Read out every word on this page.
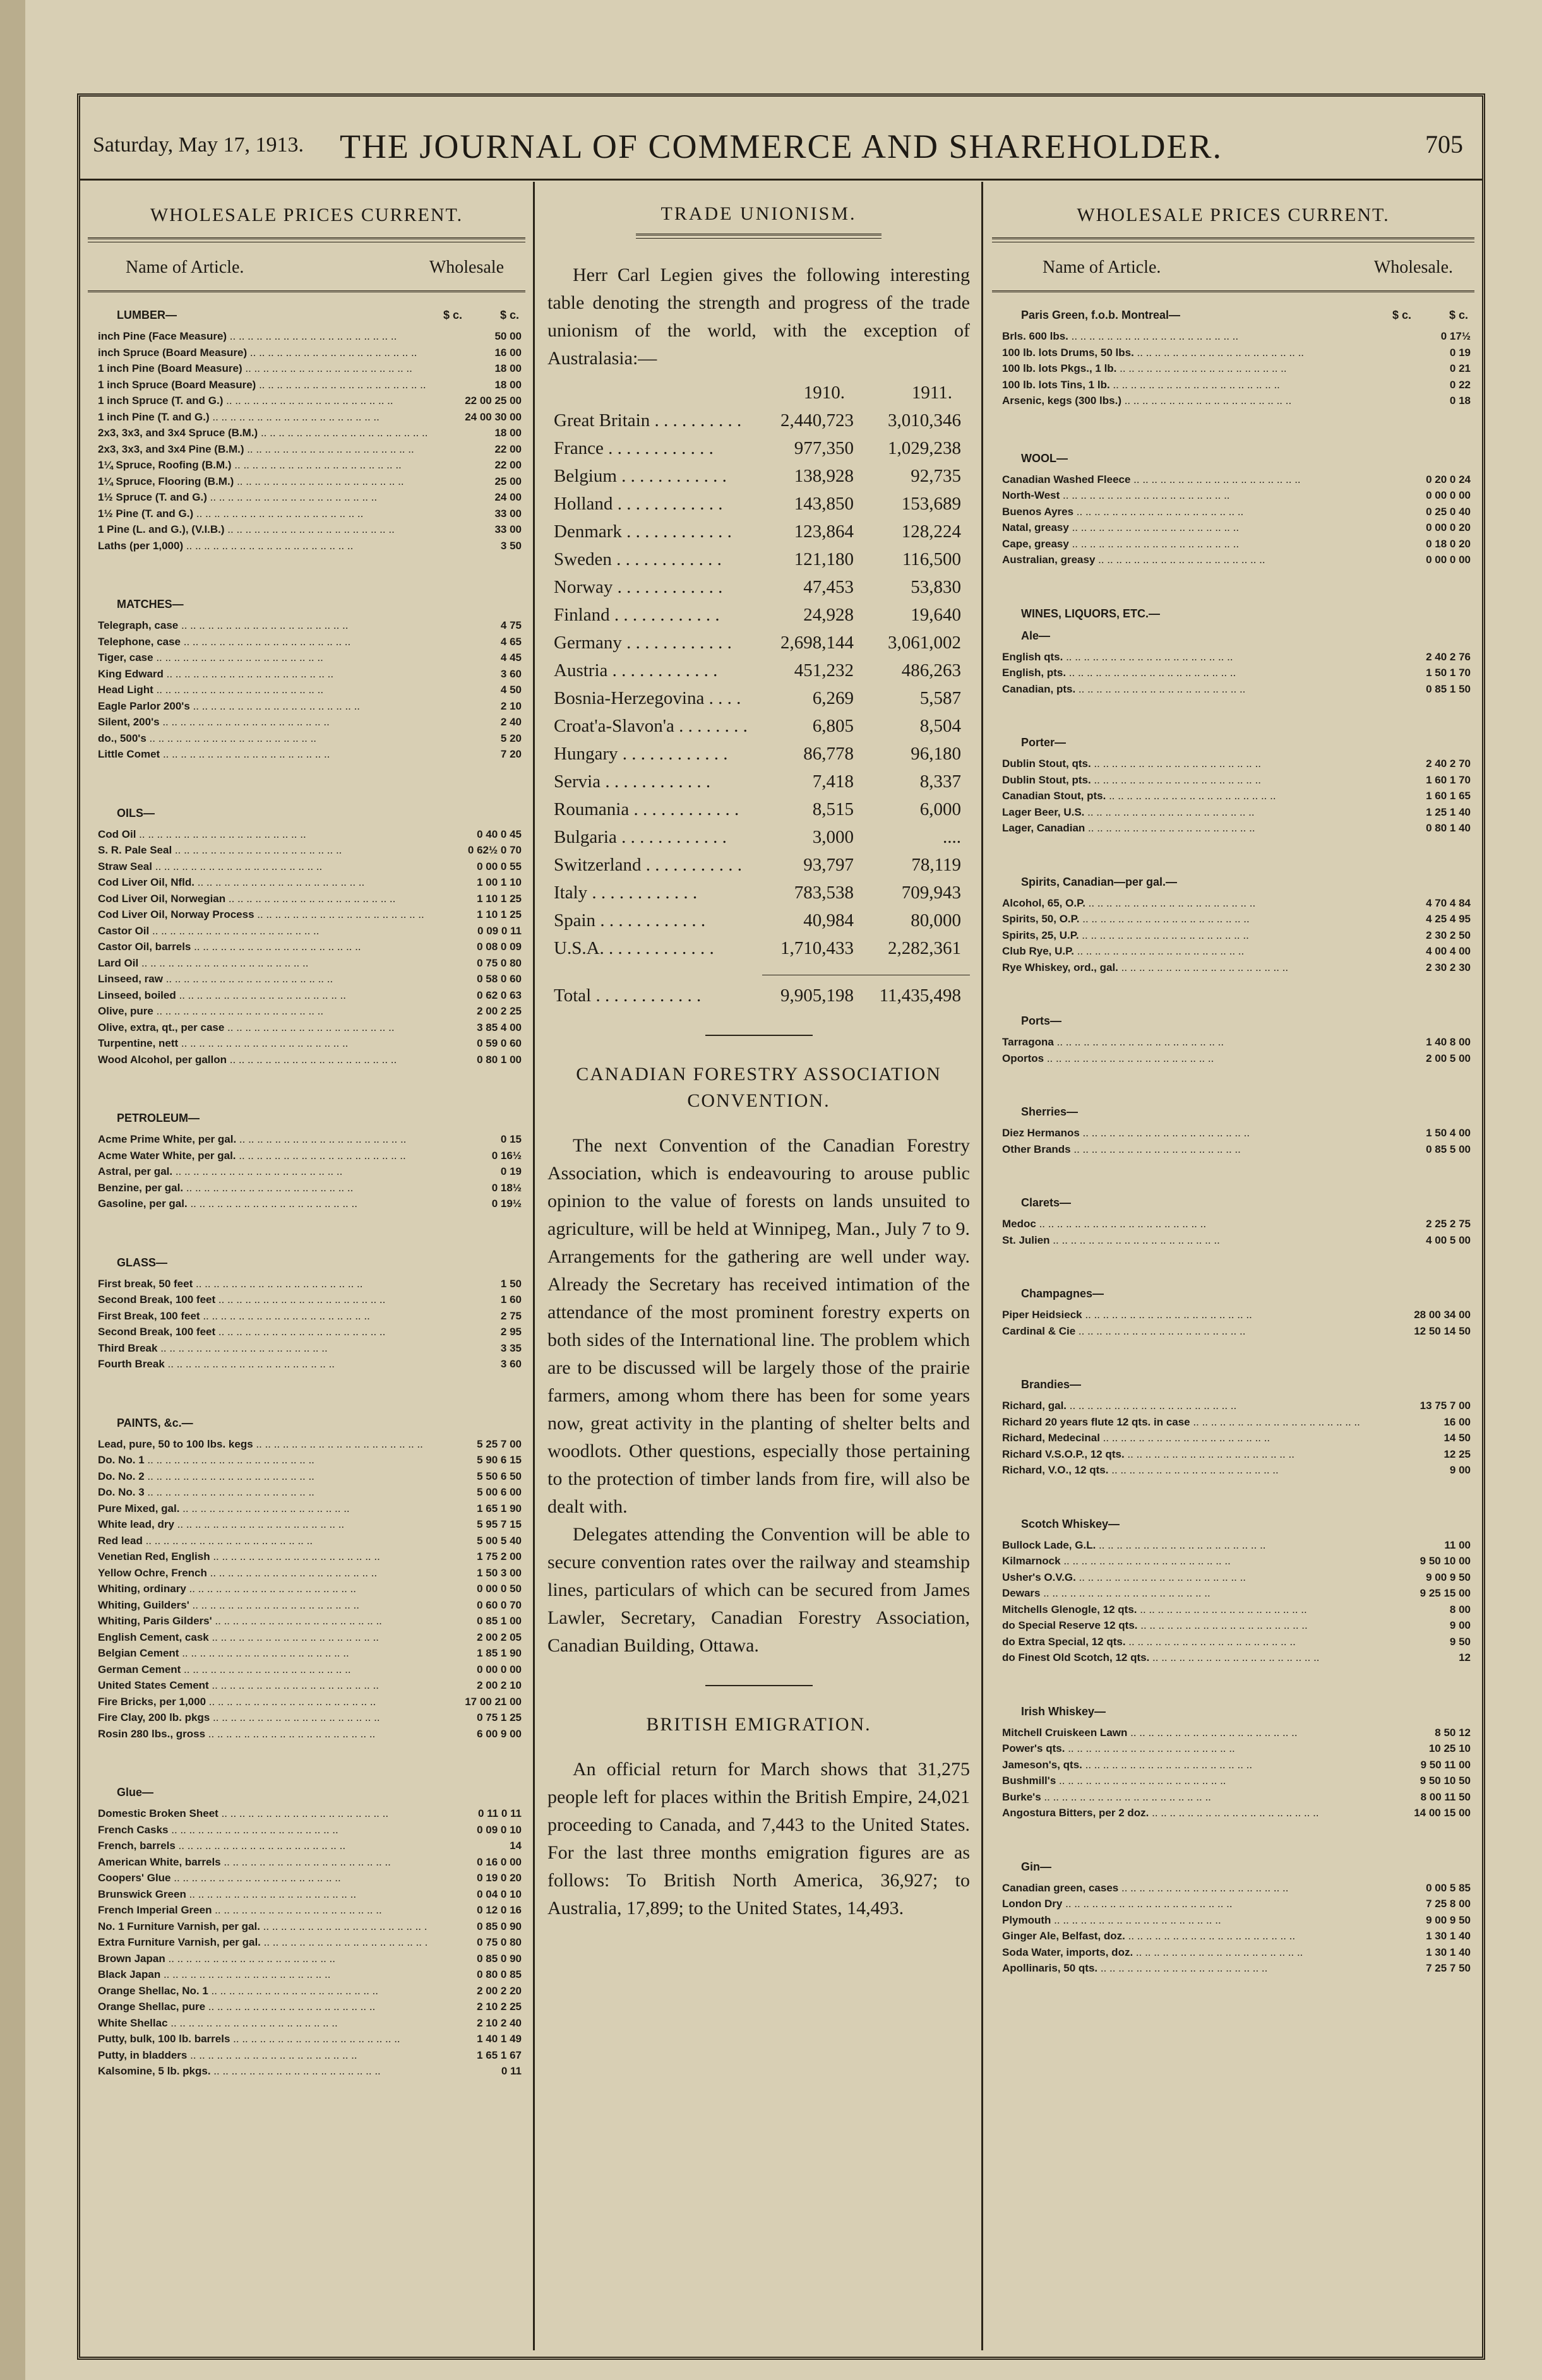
Saturday, May 17, 1913.	THE JOURNAL OF COMMERCE AND SHAREHOLDER.	705
WHOLESALE PRICES CURRENT.
Name of Article.	Wholesale
LUMBER—	$ c.	$ c.
inch Pine (Face Measure) .. ..	50 00
inch Spruce (Board Measure) .. ..	16 00
1 inch Pine (Board Measure) .. ..	18 00
1 inch Spruce (Board Measure) .. ..	18 00
1 inch Spruce (T. and G.) .. ..	22 00 25 00
1 inch Pine (T. and G.) .. ..	24 00 30 00
2x3, 3x3, and 3x4 Spruce (B.M.) .. ..	18 00
2x3, 3x3, and 3x4 Pine (B.M.) .. ..	22 00
1¼ Spruce, Roofing (B.M.) .. ..	22 00
1¼ Spruce, Flooring (B.M.) .. ..	25 00
1½ Spruce (T. and G.) .. ..	24 00
1½ Pine (T. and G.) .. ..	33 00
1 Pine (L. and G.), (V.I.B.) .. ..	33 00
Laths (per 1,000) .. ..	3 50
MATCHES—
Telegraph, case .. ..	4 75
Telephone, case .. ..	4 65
Tiger, case .. ..	4 45
King Edward .. ..	3 60
Head Light .. ..	4 50
Eagle Parlor 200's .. ..	2 10
Silent, 200's .. ..	2 40
do., 500's .. ..	5 20
Little Comet .. ..	7 20
OILS—
Cod Oil .. ..	0 40 0 45
S. R. Pale Seal .. ..	0 62½ 0 70
Straw Seal .. ..	0 00 0 55
Cod Liver Oil, Nfld. .. ..	1 00 1 10
Cod Liver Oil, Norwegian .. ..	1 10 1 25
Cod Liver Oil, Norway Process .. ..	1 10 1 25
Castor Oil .. ..	0 09 0 11
Castor Oil, barrels .. ..	0 08 0 09
Lard Oil .. ..	0 75 0 80
Linseed, raw .. ..	0 58 0 60
Linseed, boiled .. ..	0 62 0 63
Olive, pure .. ..	2 00 2 25
Olive, extra, qt., per case .. ..	3 85 4 00
Turpentine, nett .. ..	0 59 0 60
Wood Alcohol, per gallon .. ..	0 80 1 00
PETROLEUM—
Acme Prime White, per gal. .. ..	0 15
Acme Water White, per gal. .. ..	0 16½
Astral, per gal. .. ..	0 19
Benzine, per gal. .. ..	0 18½
Gasoline, per gal. .. ..	0 19½
GLASS—
First break, 50 feet .. ..	1 50
Second Break, 100 feet .. ..	1 60
First Break, 100 feet .. ..	2 75
Second Break, 100 feet .. ..	2 95
Third Break .. ..	3 35
Fourth Break .. ..	3 60
PAINTS, &c.—
Lead, pure, 50 to 100 lbs. kegs .. ..	5 25 7 00
Do. No. 1 .. ..	5 90 6 15
Do. No. 2 .. ..	5 50 6 50
Do. No. 3 .. ..	5 00 6 00
Pure Mixed, gal. .. ..	1 65 1 90
White lead, dry .. ..	5 95 7 15
Red lead .. ..	5 00 5 40
Venetian Red, English .. ..	1 75 2 00
Yellow Ochre, French .. ..	1 50 3 00
Whiting, ordinary .. ..	0 00 0 50
Whiting, Guilders' .. ..	0 60 0 70
Whiting, Paris Gilders' .. ..	0 85 1 00
English Cement, cask .. ..	2 00 2 05
Belgian Cement .. ..	1 85 1 90
German Cement .. ..	0 00 0 00
United States Cement .. ..	2 00 2 10
Fire Bricks, per 1,000 .. ..	17 00 21 00
Fire Clay, 200 lb. pkgs .. ..	0 75 1 25
Rosin 280 lbs., gross .. ..	6 00 9 00
Glue—
Domestic Broken Sheet .. ..	0 11 0 11
French Casks .. ..	0 09 0 10
French, barrels .. ..	14
American White, barrels .. ..	0 16 0 00
Coopers' Glue .. ..	0 19 0 20
Brunswick Green .. ..	0 04 0 10
French Imperial Green .. ..	0 12 0 16
No. 1 Furniture Varnish, per gal. .. ..	0 85 0 90
Extra Furniture Varnish, per gal. .. ..	0 75 0 80
Brown Japan .. ..	0 85 0 90
Black Japan .. ..	0 80 0 85
Orange Shellac, No. 1 .. ..	2 00 2 20
Orange Shellac, pure .. ..	2 10 2 25
White Shellac .. ..	2 10 2 40
Putty, bulk, 100 lb. barrels .. ..	1 40 1 49
Putty, in bladders .. ..	1 65 1 67
Kalsomine, 5 lb. pkgs. .. ..	0 11
TRADE UNIONISM.

Herr Carl Legien gives the following interesting table denoting the strength and progress of the trade unionism of the world, with the exception of Australasia:—

1910.	1911.
Great Britain . . .	2,440,723	3,010,346
France . . .	977,350	1,029,238
Belgium . . .	138,928	92,735
Holland . . .	143,850	153,689
Denmark . . .	123,864	128,224
Sweden . . .	121,180	116,500
Norway . . .	47,453	53,830
Finland . . .	24,928	19,640
Germany . . .	2,698,144	3,061,002
Austria . . .	451,232	486,263
Bosnia-Herzegovina . . .	6,269	5,587
Croat'a-Slavon'a . . .	6,805	8,504
Hungary . . .	86,778	96,180
Servia . . .	7,418	8,337
Roumania . . .	8,515	6,000
Bulgaria . . .	3,000	....
Switzerland . . .	93,797	78,119
Italy . . .	783,538	709,943
Spain . . .	40,984	80,000
U.S.A. . . .	1,710,433	2,282,361
Total . . .	9,905,198	11,435,498
CANADIAN FORESTRY ASSOCIATION CONVENTION.

The next Convention of the Canadian Forestry Association, which is endeavouring to arouse public opinion to the value of forests on lands unsuited to agriculture, will be held at Winnipeg, Man., July 7 to 9. Arrangements for the gathering are well under way. Already the Secretary has received intimation of the attendance of the most prominent forestry experts on both sides of the International line. The problem which are to be discussed will be largely those of the prairie farmers, among whom there has been for some years now, great activity in the planting of shelter belts and woodlots. Other questions, especially those pertaining to the protection of timber lands from fire, will also be dealt with.

Delegates attending the Convention will be able to secure convention rates over the railway and steamship lines, particulars of which can be secured from James Lawler, Secretary, Canadian Forestry Association, Canadian Building, Ottawa.

BRITISH EMIGRATION.

An official return for March shows that 31,275 people left for places within the British Empire, 24,021 proceeding to Canada, and 7,443 to the United States. For the last three months emigration figures are as follows: To British North America, 36,927; to Australia, 17,899; to the United States, 14,493.

WHOLESALE PRICES CURRENT.
Name of Article.	Wholesale.
Paris Green, f.o.b. Montreal—	$ c.	$ c.
Brls. 600 lbs. .. ..	0 17½
100 lb. lots Drums, 50 lbs. .. ..	0 19
100 lb. lots Pkgs., 1 lb. .. ..	0 21
100 lb. lots Tins, 1 lb. .. ..	0 22
Arsenic, kegs (300 lbs.) .. ..	0 18
WOOL—
Canadian Washed Fleece .. ..	0 20 0 24
North-West .. ..	0 00 0 00
Buenos Ayres .. ..	0 25 0 40
Natal, greasy .. ..	0 00 0 20
Cape, greasy .. ..	0 18 0 20
Australian, greasy .. ..	0 00 0 00
WINES, LIQUORS, ETC.—
Ale—
English qts. .. ..	2 40 2 76
English, pts. .. ..	1 50 1 70
Canadian, pts. .. ..	0 85 1 50
Porter—
Dublin Stout, qts. .. ..	2 40 2 70
Dublin Stout, pts. .. ..	1 60 1 70
Canadian Stout, pts. .. ..	1 60 1 65
Lager Beer, U.S. .. ..	1 25 1 40
Lager, Canadian .. ..	0 80 1 40
Spirits, Canadian—per gal.—
Alcohol, 65, O.P. .. ..	4 70 4 84
Spirits, 50, O.P. .. ..	4 25 4 95
Spirits, 25, U.P. .. ..	2 30 2 50
Club Rye, U.P. .. ..	4 00 4 00
Rye Whiskey, ord., gal. .. ..	2 30 2 30
Ports—
Tarragona .. ..	1 40 8 00
Oportos .. ..	2 00 5 00
Sherries—
Diez Hermanos .. ..	1 50 4 00
Other Brands .. ..	0 85 5 00
Clarets—
Medoc .. ..	2 25 2 75
St. Julien .. ..	4 00 5 00
Champagnes—
Piper Heidsieck .. ..	28 00 34 00
Cardinal & Cie .. ..	12 50 14 50
Brandies—
Richard, gal. .. ..	13 75 7 00
Richard 20 years flute 12 qts. in case .. ..	16 00
Richard, Medecinal .. ..	14 50
Richard V.S.O.P., 12 qts. .. ..	12 25
Richard, V.O., 12 qts. .. ..	9 00
Scotch Whiskey—
Bullock Lade, G.L. .. ..	11 00
Kilmarnock .. ..	9 50 10 00
Usher's O.V.G. .. ..	9 00 9 50
Dewars .. ..	9 25 15 00
Mitchells Glenogle, 12 qts. .. ..	8 00
do Special Reserve 12 qts. .. ..	9 00
do Extra Special, 12 qts. .. ..	9 50
do Finest Old Scotch, 12 qts. .. ..	12
Irish Whiskey—
Mitchell Cruiskeen Lawn .. ..	8 50 12
Power's qts. .. ..	10 25 10
Jameson's, qts. .. ..	9 50 11 00
Bushmill's .. ..	9 50 10 50
Burke's .. ..	8 00 11 50
Angostura Bitters, per 2 doz. .. ..	14 00 15 00
Gin—
Canadian green, cases .. ..	0 00 5 85
London Dry .. ..	7 25 8 00
Plymouth .. ..	9 00 9 50
Ginger Ale, Belfast, doz. .. ..	1 30 1 40
Soda Water, imports, doz. .. ..	1 30 1 40
Apollinaris, 50 qts. .. ..	7 25 7 50
